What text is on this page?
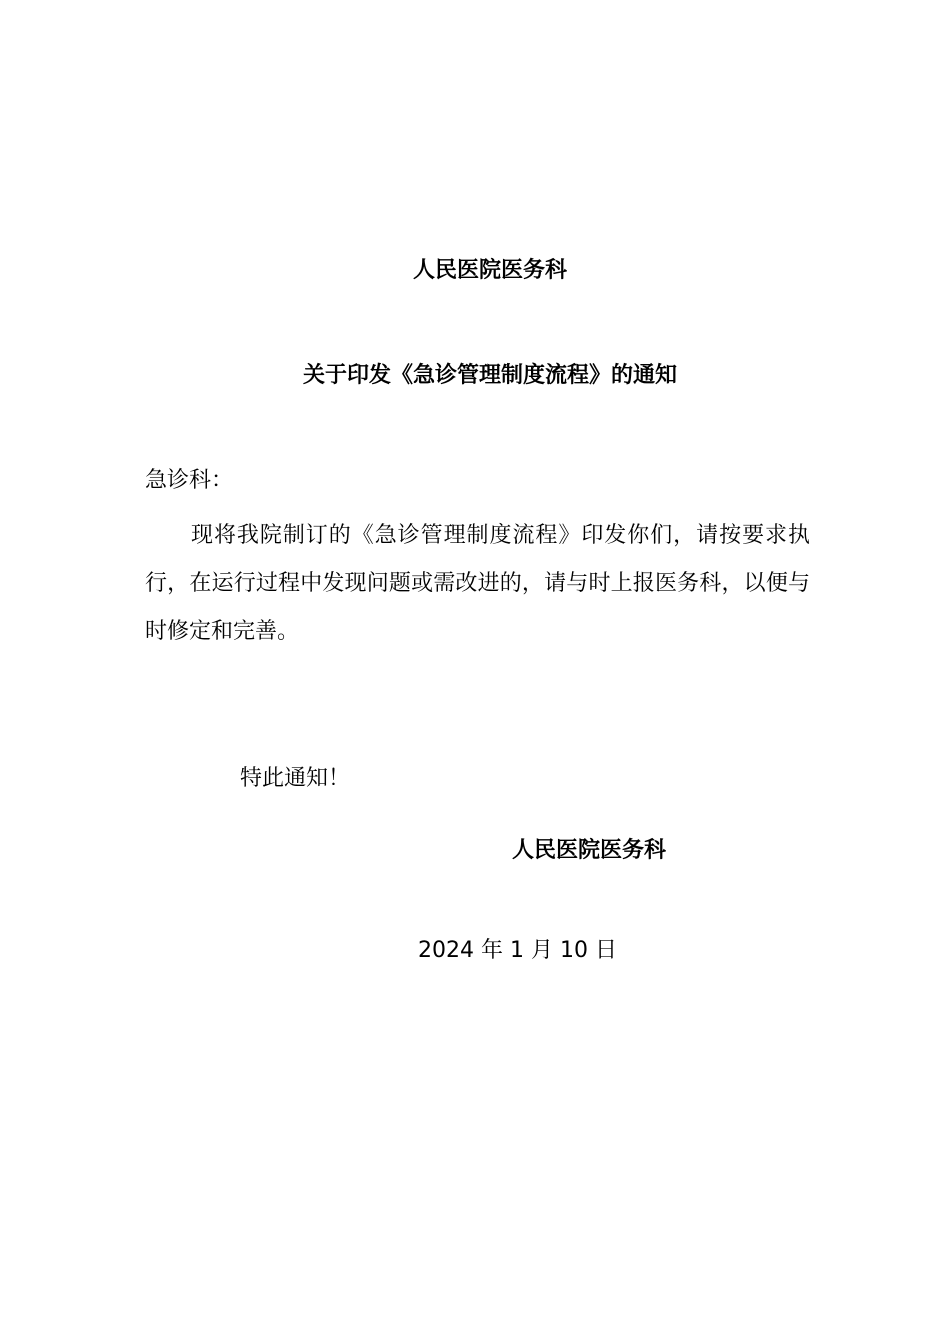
人民医院医务科
关于印发《急诊管理制度流程》的通知
急诊科：

现将我院制订的《急诊管理制度流程》印发你们，请按要求执行，在运行过程中发现问题或需改进的，请与时上报医务科，以便与时修定和完善。

特此通知！
人民医院医务科
2024 年 1 月 10 日
